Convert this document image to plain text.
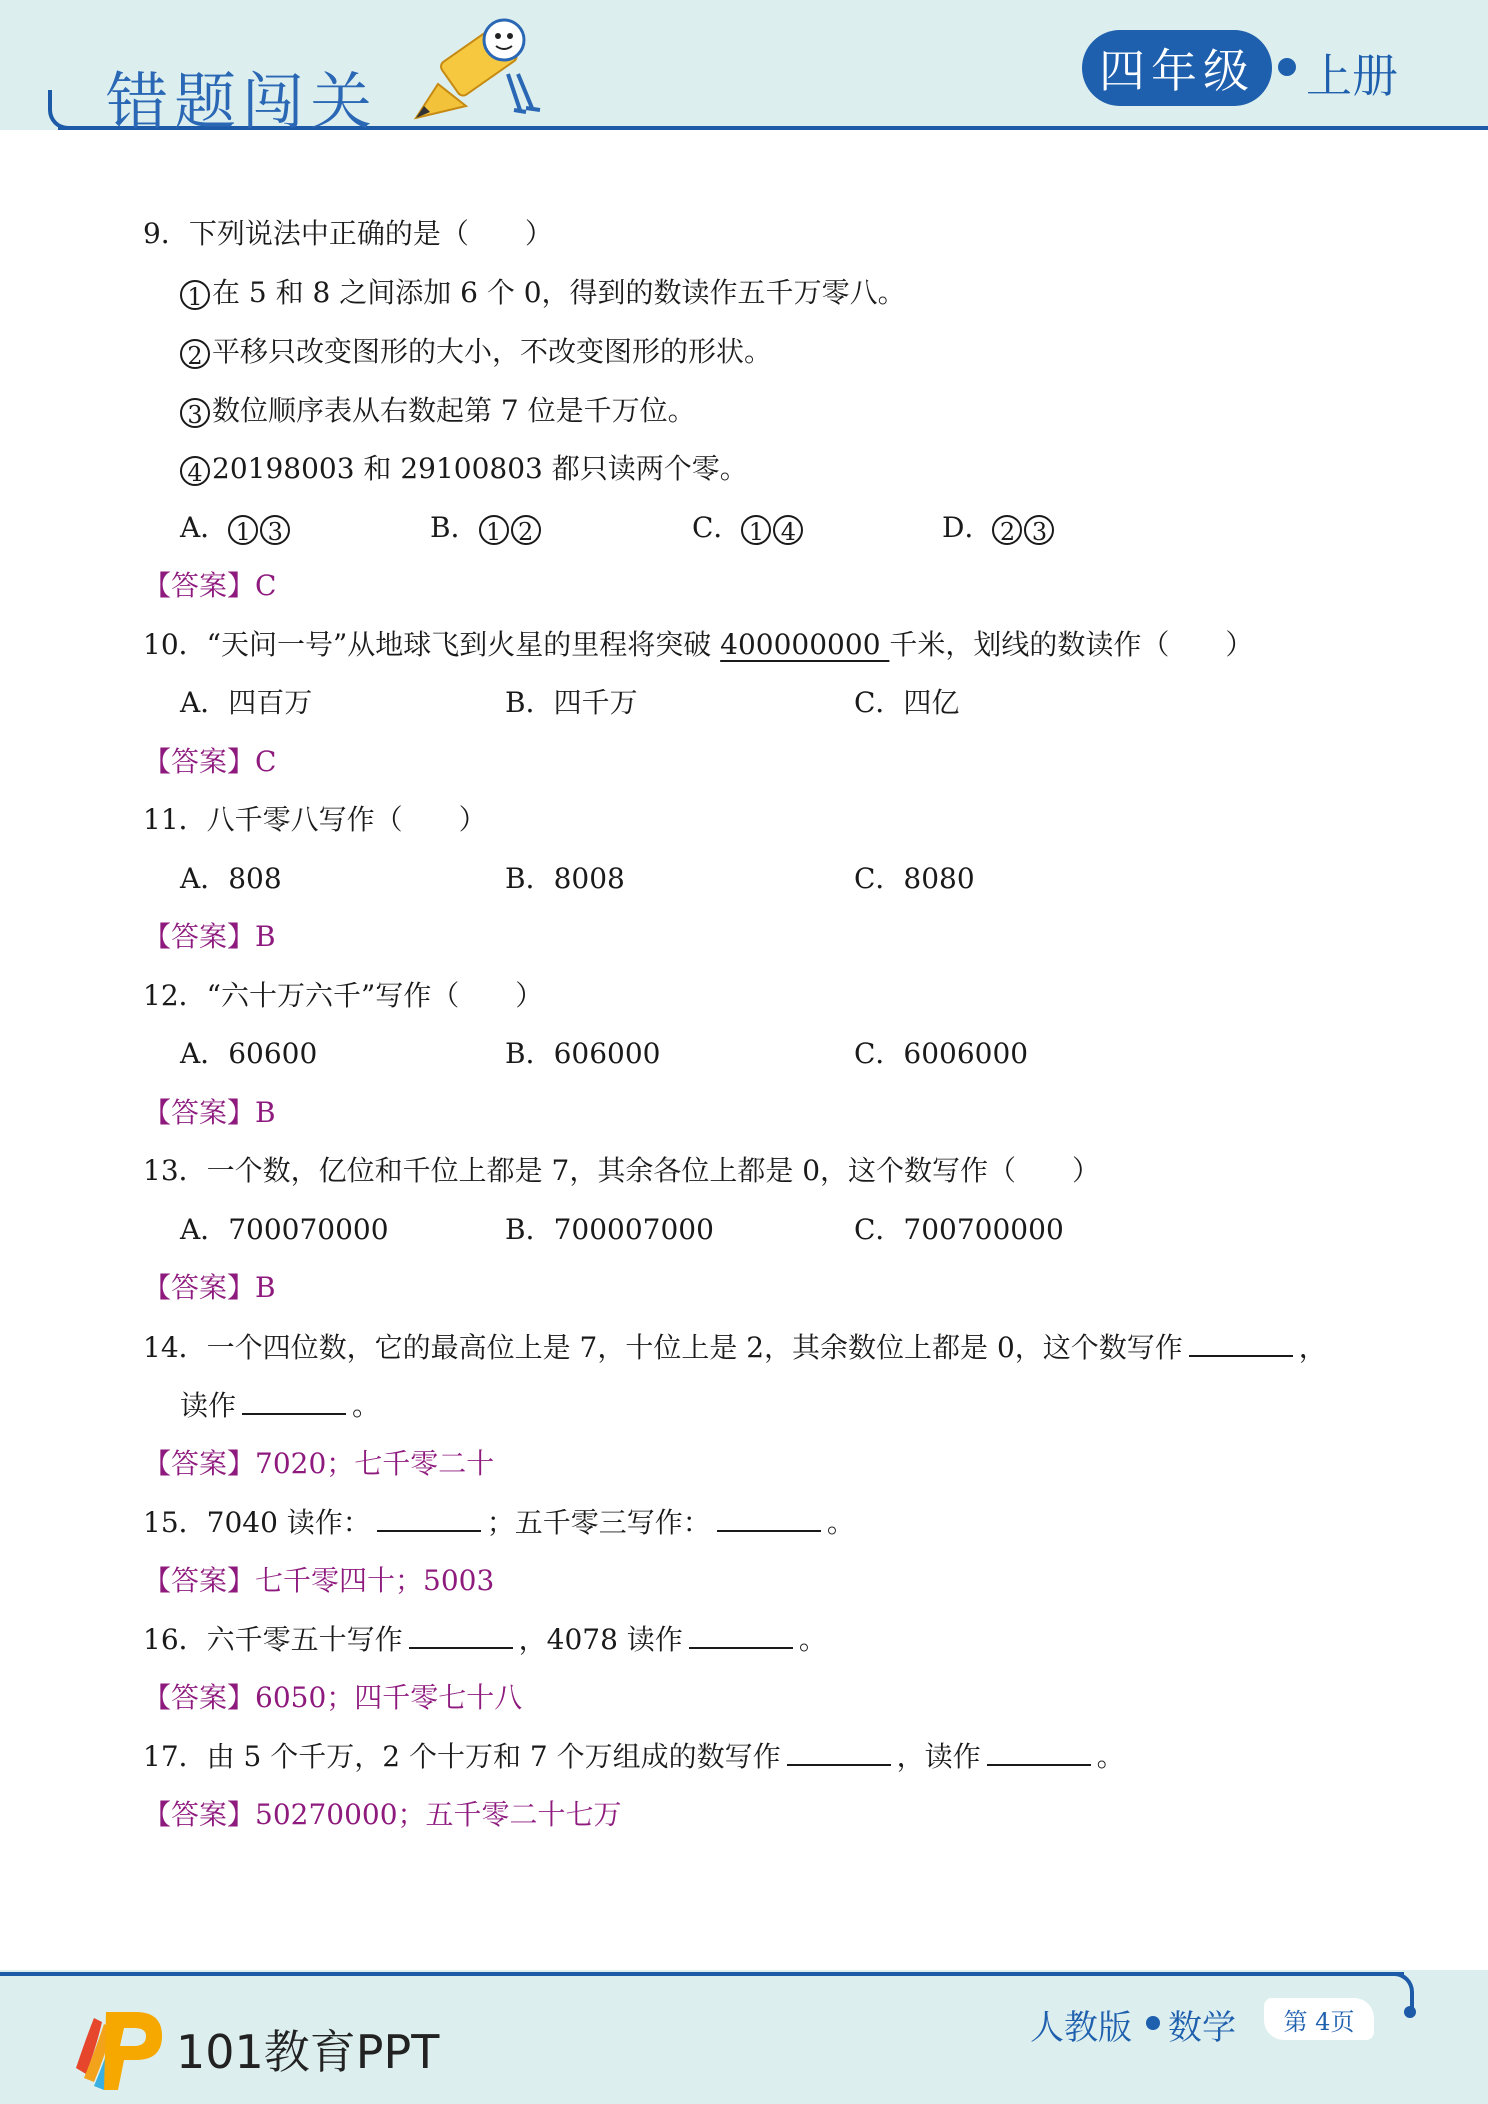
错题闯关	四年级	上册
9．下列说法中正确的是（　　）
1 在 5 和 8 之间添加 6 个 0，得到的数读作五千万零八。
2 平移只改变图形的大小，不改变图形的形状。
3 数位顺序表从右数起第 7 位是千万位。
4 20198003 和 29100803 都只读两个零。
A． 1 3	B． 1 2	C． 1 4	D． 2 3
【答案】C
10．“天问一号”从地球飞到火星的里程将突破 400000000 千米，划线的数读作（　　）
A．四百万	B．四千万	C．四亿
【答案】C
11．八千零八写作（　　）
A．808	B．8008	C．8080
【答案】B
12．“六十万六千”写作（　　）
A．60600	B．606000	C．6006000
【答案】B
13．一个数，亿位和千位上都是 7，其余各位上都是 0，这个数写作（　　）
A．700070000	B．700007000	C．700700000
【答案】B
14．一个四位数，它的最高位上是 7，十位上是 2，其余数位上都是 0，这个数写作	，
读作	。
【答案】7020；七千零二十
15．7040 读作：	；五千零三写作：	。
【答案】七千零四十；5003
16．六千零五十写作	，4078 读作	。
【答案】6050；四千零七十八
17．由 5 个千万，2 个十万和 7 个万组成的数写作	，读作	。
【答案】50270000；五千零二十七万
101教育PPT	人教版 数学	第 4页
